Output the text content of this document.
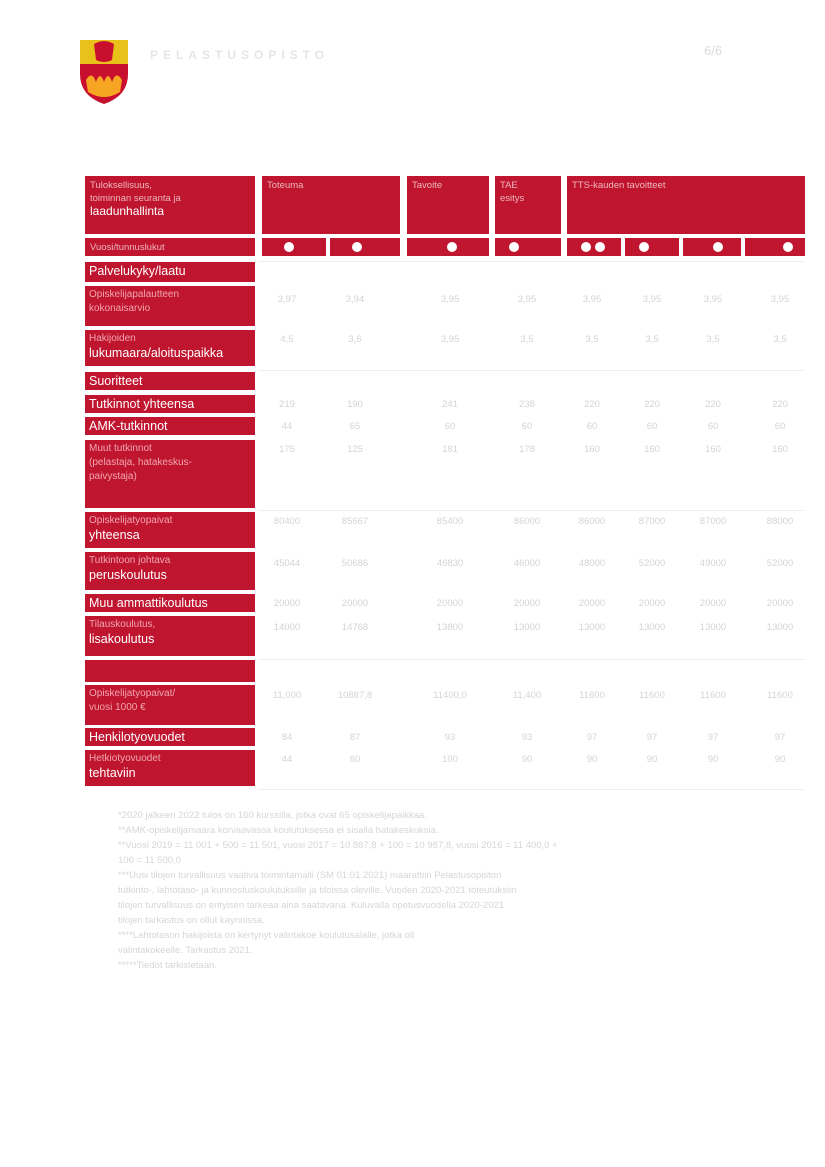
PELASTUSOPISTO	6/6
Tuloksellisuus,
toiminnan seuranta ja
laadunhallinta
Toteuma	Tavoite	TAE
esitys
TTS-kauden tavoitteet
Vuosi/tunnuslukut
Palvelukyky/laatu
Opiskelijapalautteen
kokonaisarvio
3,97	3,94	3,95	3,95	3,95	3,95	3,95	3,95
Hakijoiden
lukumaara/aloituspaikka
4,5	3,6	3,95	3,5	3,5	3,5	3,5	3,5
Suoritteet
Tutkinnot yhteensa	219	190	241	238	220	220	220	220
AMK-tutkinnot	44	65	60	60	60	60	60	60
Muut tutkinnot
(pelastaja, hatakeskus-
paivystaja)
175	125	181	178	160	160	160	160
Opiskelijatyopaivat
yhteensa
80400	85667	85400	86000	86000	87000	87000	88000
Tutkintoon johtava
peruskoulutus
45044	50686	46830	46000	48000	52000	49000	52000
Muu ammattikoulutus	20000	20000	20000	20000	20000	20000	20000	20000
Tilauskoulutus,
lisakoulutus
14000	14768	13800	13000	13000	13000	13000	13000
Opiskelijatyopaivat/
vuosi 1000 €
11,000	10887,8	11400,0	11,400	11600	11600	11600	11600
Henkilotyovuodet	84	87	93	93	97	97	97	97
Hetkiotyovuodet
tehtaviin
44	80	100	90	90	90	90	90
*2020 jalkeen 2022 tulos on 160 kurssilla, jotka ovat 65 opiskelijapaikkaa.
**AMK-opiskelijamaara korvaavassa koulutuksessa ei sisalla hatakeskuksia.
**Vuosi 2019 = 11 001 + 500 = 11 501, vuosi 2017 = 10 887,8 + 100 = 10 987,8, vuosi 2016 = 11 400,0 +
100 = 11 500,0
***Uusi tilojen turvallisuus vaativa toimintamalli (SM 01.01.2021) maarattiin Pelastusopiston
tutkinto-, lahtotaso- ja kunnostuskoulutuksille ja tiloissa oleville. Vuoden 2020-2021 toteutuksiin
tilojen turvallisuus on erityisen tarkeaa aina saatavana. Kuluvalla opetusvuodella 2020-2021
tilojen tarkastus on ollut kaynnissa.
****Lahtotason hakijoista on kertynyt valintakoe koulutusalalle, jotka oli
valintakokeelle. Tarkastus 2021.
*****Tiedot tarkistetaan.
